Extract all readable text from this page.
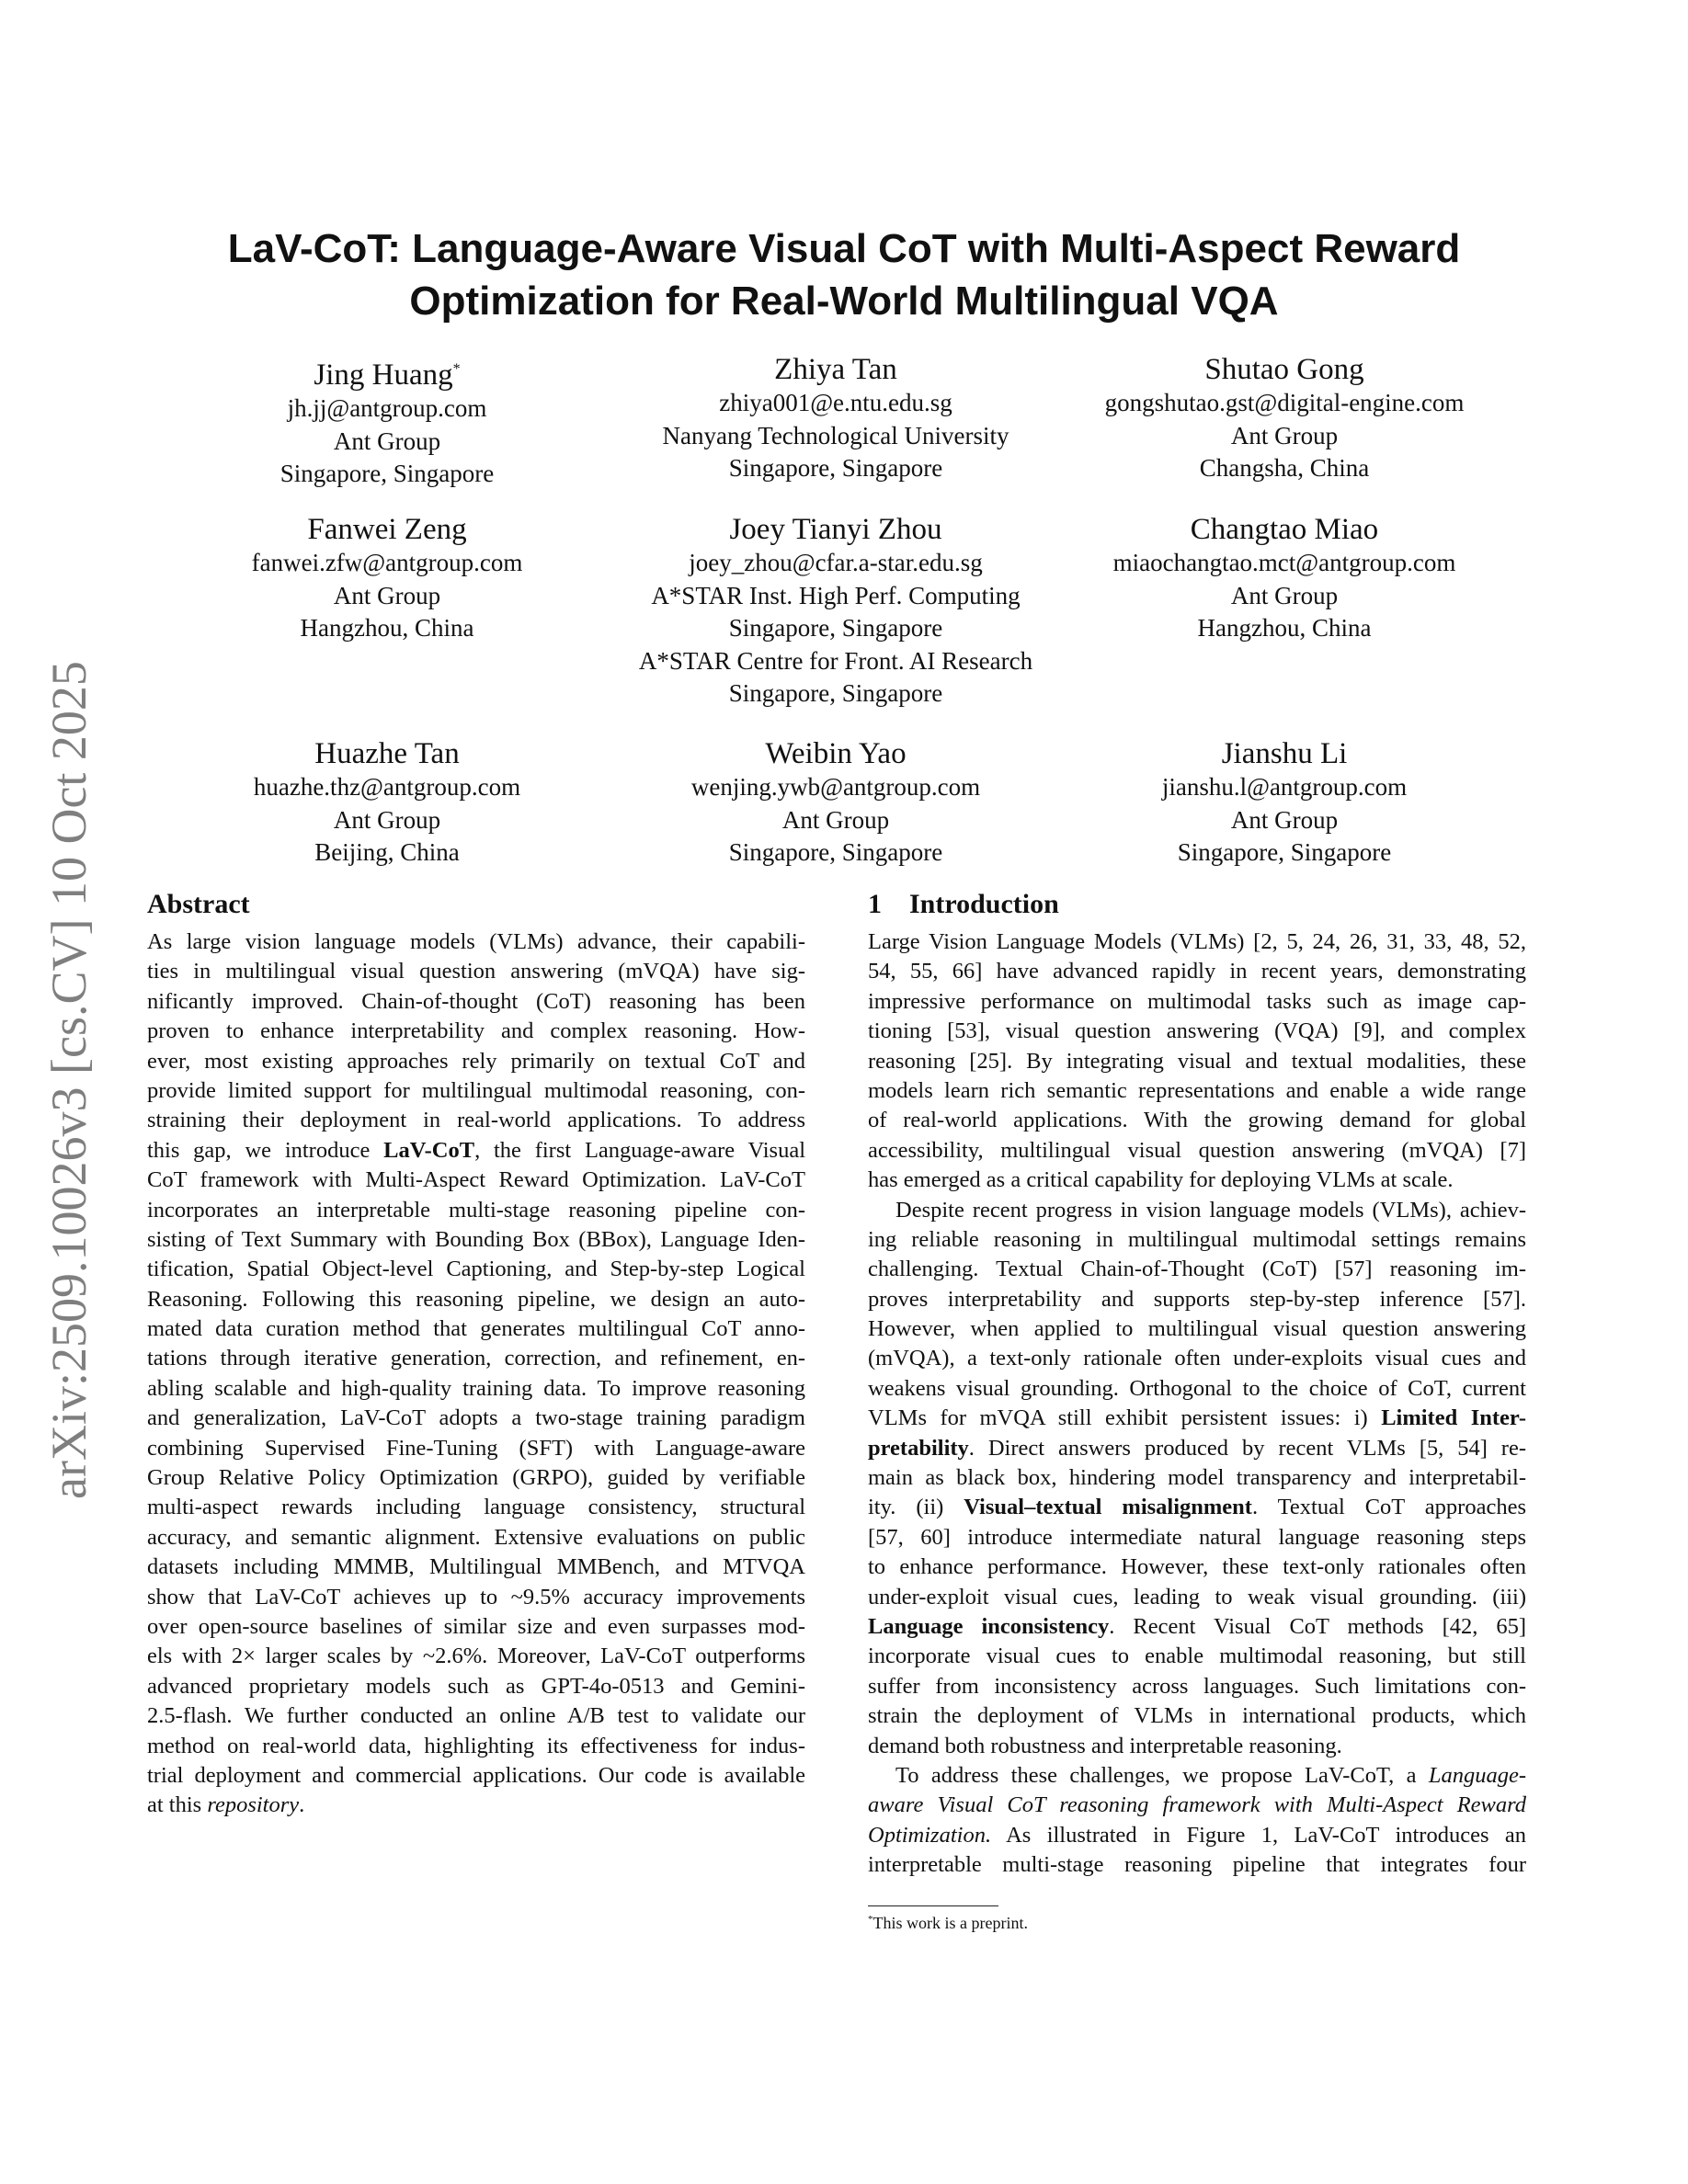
arXiv:2509.10026v3 [cs.CV] 10 Oct 2025
LaV-CoT: Language-Aware Visual CoT with Multi-Aspect Reward
Optimization for Real-World Multilingual VQA
Jing Huang*
jh.jj@antgroup.com
Ant Group
Singapore, Singapore
Zhiya Tan
zhiya001@e.ntu.edu.sg
Nanyang Technological University
Singapore, Singapore
Shutao Gong
gongshutao.gst@digital-engine.com
Ant Group
Changsha, China
Fanwei Zeng
fanwei.zfw@antgroup.com
Ant Group
Hangzhou, China
Joey Tianyi Zhou
joey_zhou@cfar.a-star.edu.sg
A*STAR Inst. High Perf. Computing
Singapore, Singapore
A*STAR Centre for Front. AI Research
Singapore, Singapore
Changtao Miao
miaochangtao.mct@antgroup.com
Ant Group
Hangzhou, China
Huazhe Tan
huazhe.thz@antgroup.com
Ant Group
Beijing, China
Weibin Yao
wenjing.ywb@antgroup.com
Ant Group
Singapore, Singapore
Jianshu Li
jianshu.l@antgroup.com
Ant Group
Singapore, Singapore
Abstract
As large vision language models (VLMs) advance, their capabili-
ties in multilingual visual question answering (mVQA) have sig-
nificantly improved. Chain-of-thought (CoT) reasoning has been
proven to enhance interpretability and complex reasoning. How-
ever, most existing approaches rely primarily on textual CoT and
provide limited support for multilingual multimodal reasoning, con-
straining their deployment in real-world applications. To address
this gap, we introduce LaV-CoT, the first Language-aware Visual
CoT framework with Multi-Aspect Reward Optimization. LaV-CoT
incorporates an interpretable multi-stage reasoning pipeline con-
sisting of Text Summary with Bounding Box (BBox), Language Iden-
tification, Spatial Object-level Captioning, and Step-by-step Logical
Reasoning. Following this reasoning pipeline, we design an auto-
mated data curation method that generates multilingual CoT anno-
tations through iterative generation, correction, and refinement, en-
abling scalable and high-quality training data. To improve reasoning
and generalization, LaV-CoT adopts a two-stage training paradigm
combining Supervised Fine-Tuning (SFT) with Language-aware
Group Relative Policy Optimization (GRPO), guided by verifiable
multi-aspect rewards including language consistency, structural
accuracy, and semantic alignment. Extensive evaluations on public
datasets including MMMB, Multilingual MMBench, and MTVQA
show that LaV-CoT achieves up to ~9.5% accuracy improvements
over open-source baselines of similar size and even surpasses mod-
els with 2× larger scales by ~2.6%. Moreover, LaV-CoT outperforms
advanced proprietary models such as GPT-4o-0513 and Gemini-
2.5-flash. We further conducted an online A/B test to validate our
method on real-world data, highlighting its effectiveness for indus-
trial deployment and commercial applications. Our code is available
at this repository.
1    Introduction
Large Vision Language Models (VLMs) [2, 5, 24, 26, 31, 33, 48, 52,
54, 55, 66] have advanced rapidly in recent years, demonstrating
impressive performance on multimodal tasks such as image cap-
tioning [53], visual question answering (VQA) [9], and complex
reasoning [25]. By integrating visual and textual modalities, these
models learn rich semantic representations and enable a wide range
of real-world applications. With the growing demand for global
accessibility, multilingual visual question answering (mVQA) [7]
has emerged as a critical capability for deploying VLMs at scale.
Despite recent progress in vision language models (VLMs), achiev-
ing reliable reasoning in multilingual multimodal settings remains
challenging. Textual Chain-of-Thought (CoT) [57] reasoning im-
proves interpretability and supports step-by-step inference [57].
However, when applied to multilingual visual question answering
(mVQA), a text-only rationale often under-exploits visual cues and
weakens visual grounding. Orthogonal to the choice of CoT, current
VLMs for mVQA still exhibit persistent issues: i) Limited Inter-
pretability. Direct answers produced by recent VLMs [5, 54] re-
main as black box, hindering model transparency and interpretabil-
ity. (ii) Visual–textual misalignment. Textual CoT approaches
[57, 60] introduce intermediate natural language reasoning steps
to enhance performance. However, these text-only rationales often
under-exploit visual cues, leading to weak visual grounding. (iii)
Language inconsistency. Recent Visual CoT methods [42, 65]
incorporate visual cues to enable multimodal reasoning, but still
suffer from inconsistency across languages. Such limitations con-
strain the deployment of VLMs in international products, which
demand both robustness and interpretable reasoning.
To address these challenges, we propose LaV-CoT, a Language-
aware Visual CoT reasoning framework with Multi-Aspect Reward
Optimization. As illustrated in Figure 1, LaV-CoT introduces an
interpretable multi-stage reasoning pipeline that integrates four
*This work is a preprint.
